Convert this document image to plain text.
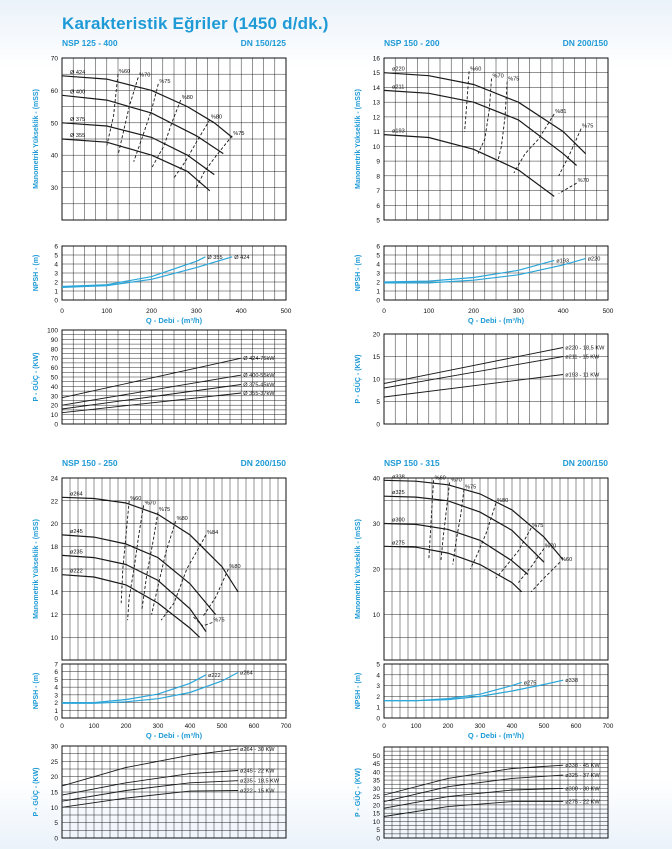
Karakteristik Eğriler (1450 d/dk.)
NSP 125 - 400	DN 150/125
30
40
50
60
70
Manometrik Yükseklik - (mSS)
Ø 424
Ø 400
Ø 375
Ø 355
%60
%70
%75
%80
%80
%75
0
1
2
3
4
5
6
NPSH - (m)	Ø 355 Ø 424
0	100	200	300	400	500
Q - Debi - (m³/h)
0
10
20
30
40
50
60
70
80
90
100
P - GÜÇ - (KW)	Ø 424-75kW
Ø 400-55kW
Ø 375-45kW
Ø 355-37kW
NSP 150 - 200	DN 200/150
5
6
7
8
9
10
11
12
13
14
15
16
Manometrik Yükseklik - (mSS)
ø220
ø211
ø193
%60
%70 %75
%81
%75
%70
0
1
2
3
4
5
6
NPSH - (m)	ø193	ø220
0	100	200	300	400	500
Q - Debi - (m³/h)
0
5
10
15
20
P - GÜÇ - (KW)
ø220 - 18,5 KW
ø211 - 15 KW
ø193 - 11 KW
NSP 150 - 250	DN 200/150
10
12
14
16
18
20
22
24
Manometrik Yükseklik - (mSS)
ø264
ø245
ø235
ø222
%60
%70
%75
%80
%84
%80
%75
0
1
2
3
4
5
6
7
NPSH - (m)	ø222	ø264
0	100	200	300	400	500	600	700
Q - Debi - (m³/h)
0
5
10
15
20
25
30
P - GÜÇ - (KW)
ø264 - 30 KW
ø245 - 22 KW
ø235 - 18,5 KW
ø222 - 15 KW
NSP 150 - 315	DN 200/150
10
20
30
40
Manometrik Yükseklik - (mSS)
ø338
ø325
ø300
ø275
%60 %70
%75
%80
%75
%70
%60
0
1
2
3
4
5
NPSH - (m)	ø275	ø338
0	100	200	300	400	500	600	700
Q - Debi - (m³/h)
0
5
10
15
20
25
30
35
40
45
50
P - GÜÇ - (KW)
ø338 - 45 KW
ø325 - 37 KW
ø300 - 30 KW
ø275 - 22 KW
